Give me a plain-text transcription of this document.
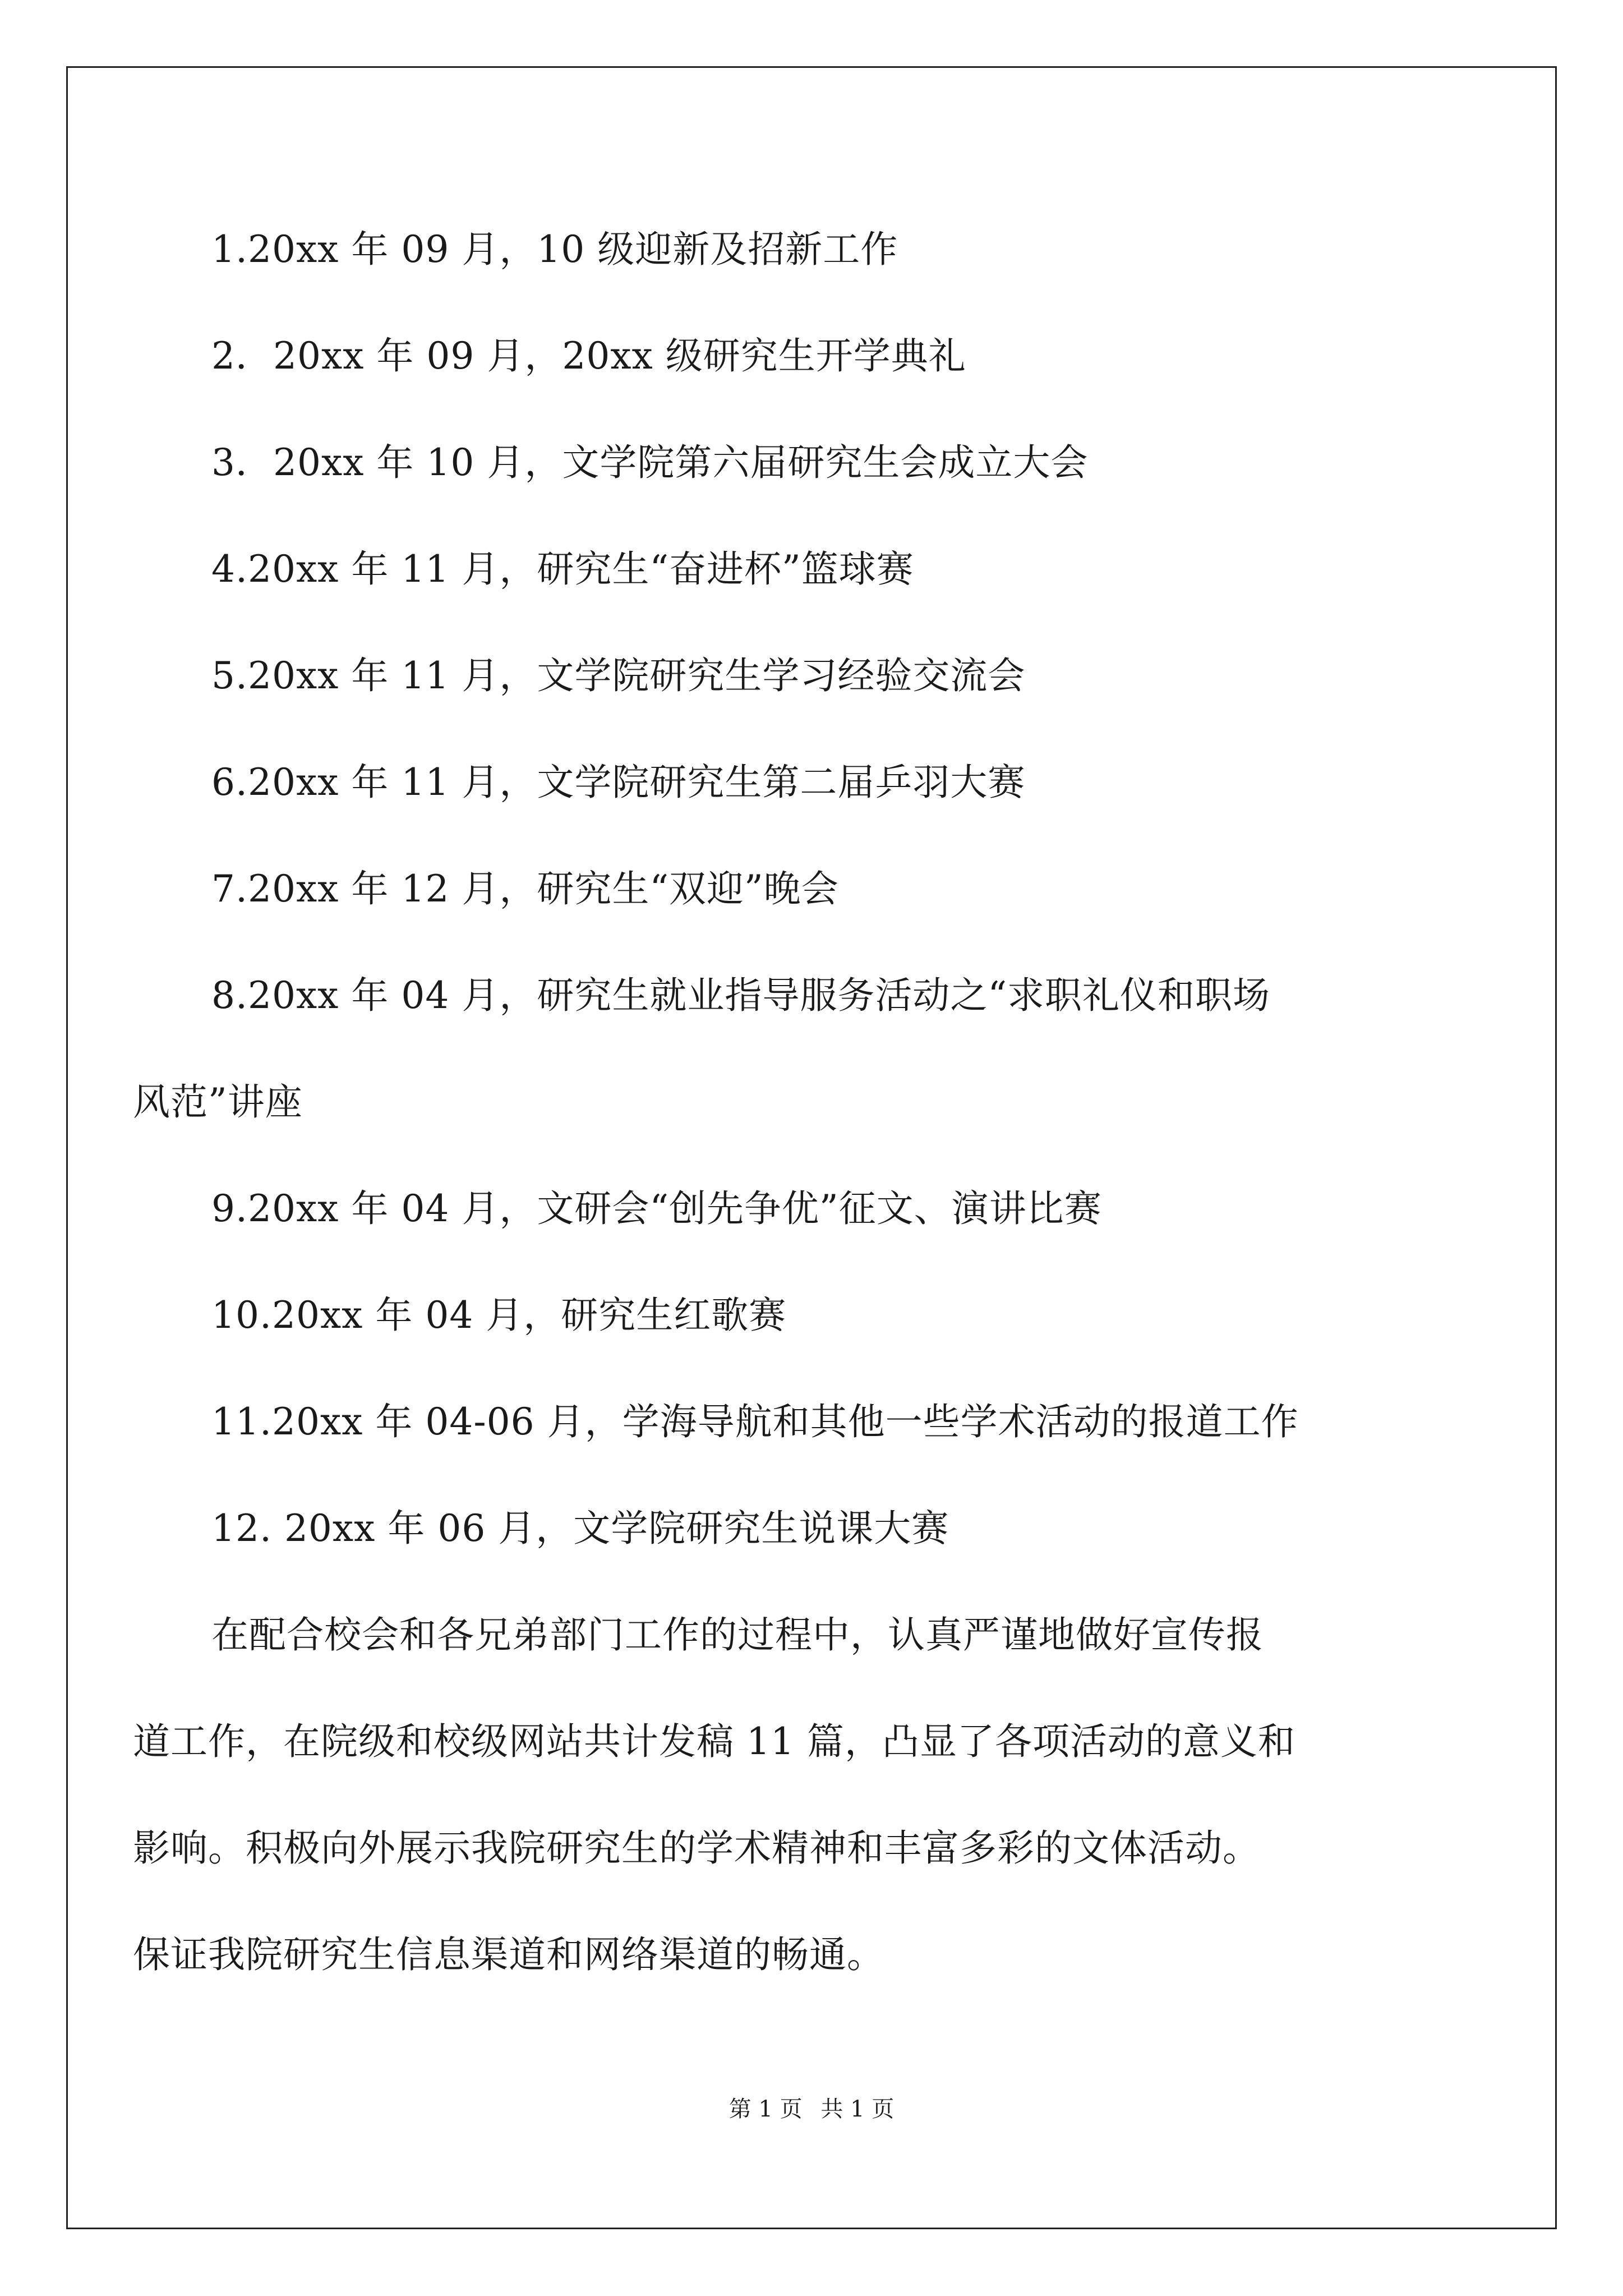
1.20xx 年 09 月，10 级迎新及招新工作
2．20xx 年 09 月，20xx 级研究生开学典礼
3．20xx 年 10 月，文学院第六届研究生会成立大会
4.20xx 年 11 月，研究生“奋进杯”篮球赛
5.20xx 年 11 月，文学院研究生学习经验交流会
6.20xx 年 11 月，文学院研究生第二届乒羽大赛
7.20xx 年 12 月，研究生“双迎”晚会
8.20xx 年 04 月，研究生就业指导服务活动之“求职礼仪和职场
风范”讲座
9.20xx 年 04 月，文研会“创先争优”征文、演讲比赛
10.20xx 年 04 月，研究生红歌赛
11.20xx 年 04-06 月，学海导航和其他一些学术活动的报道工作
12. 20xx 年 06 月，文学院研究生说课大赛
在配合校会和各兄弟部门工作的过程中，认真严谨地做好宣传报
道工作，在院级和校级网站共计发稿 11 篇，凸显了各项活动的意义和
影响。积极向外展示我院研究生的学术精神和丰富多彩的文体活动。
保证我院研究生信息渠道和网络渠道的畅通。
第 1 页 共 1 页
